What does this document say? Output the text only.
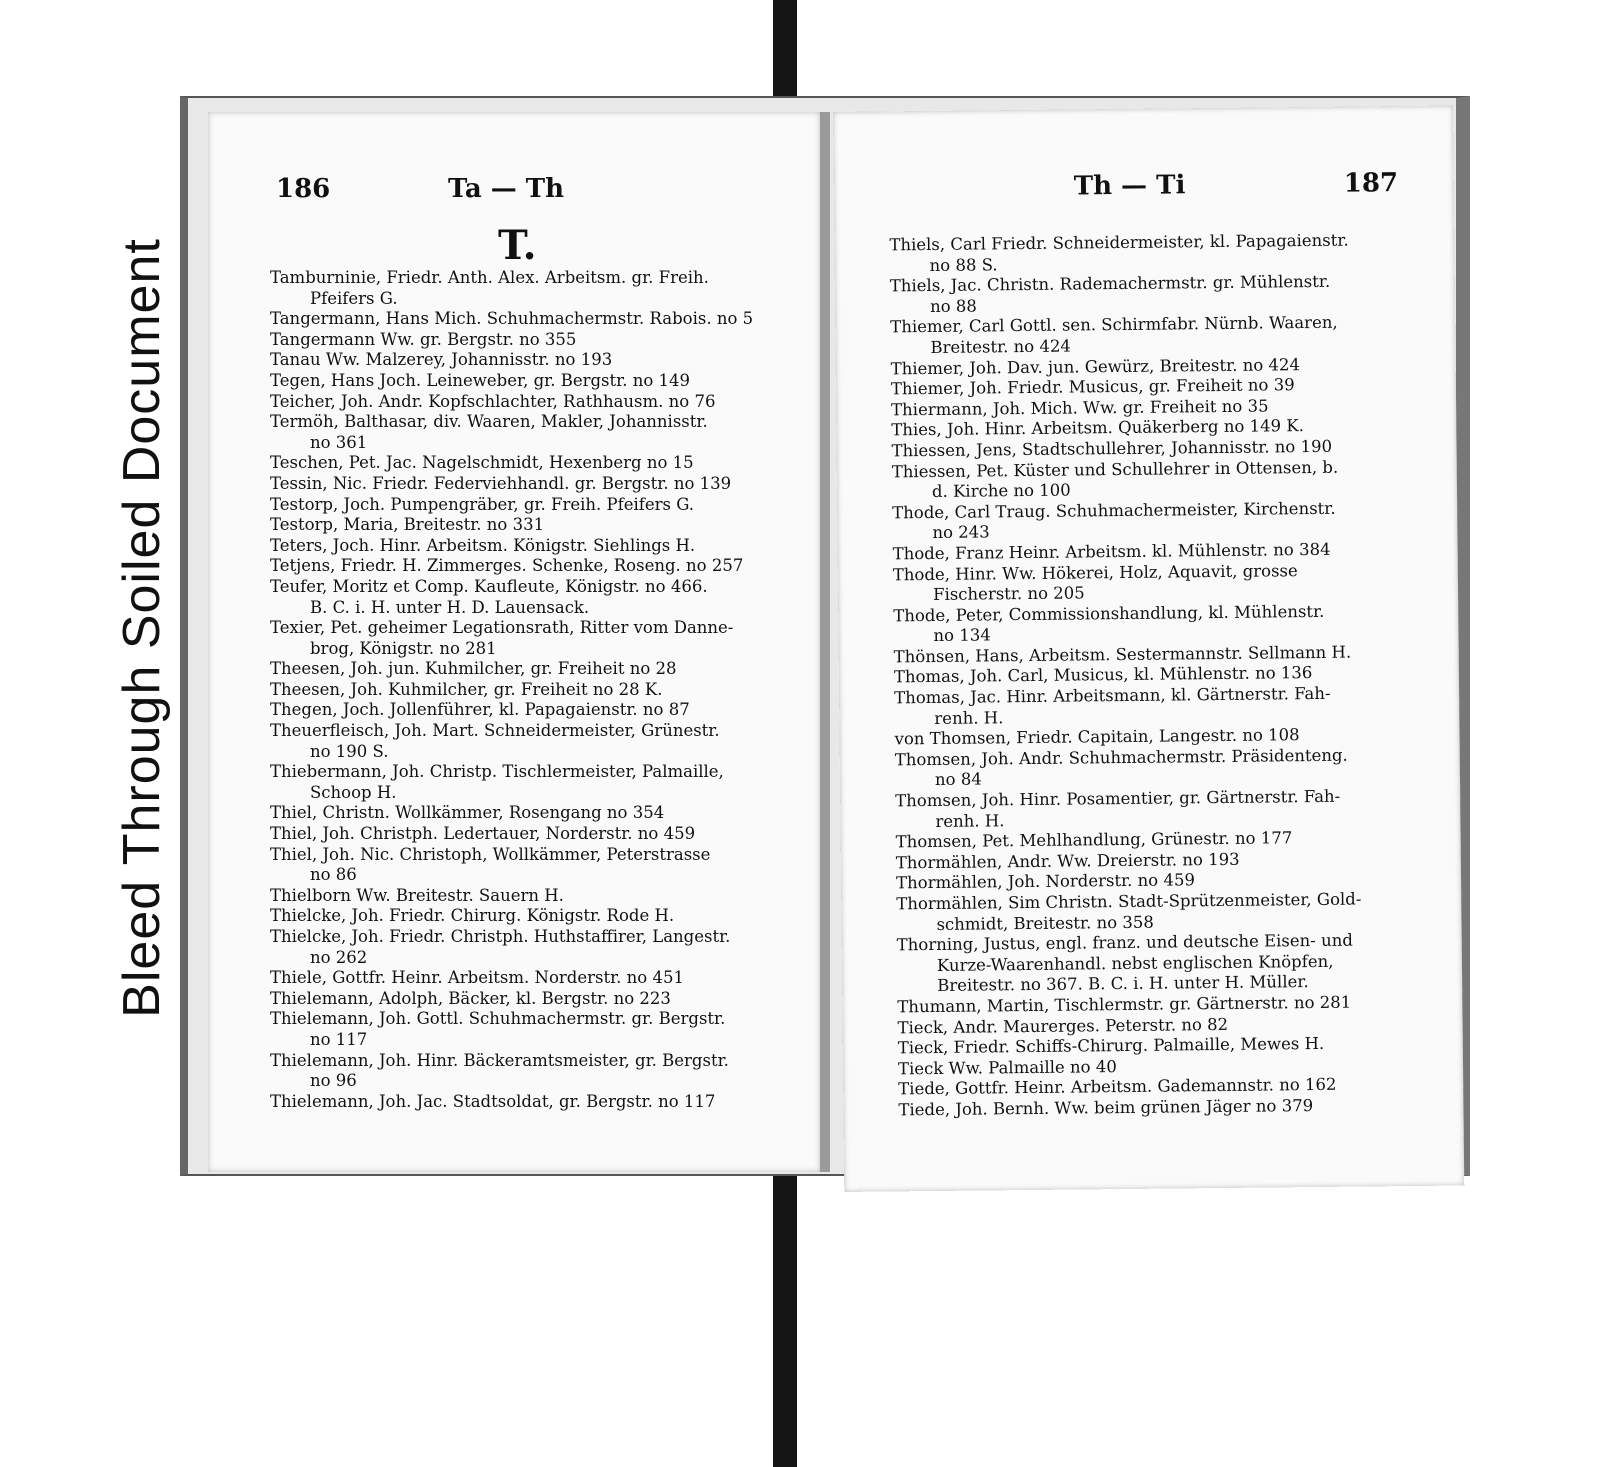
Bleed Through Soiled Document
186	Ta — Th
T.
Tamburninie, Friedr. Anth. Alex. Arbeitsm. gr. Freih.
Pfeifers G.
Tangermann, Hans Mich. Schuhmachermstr. Rabois. no 5
Tangermann Ww. gr. Bergstr. no 355
Tanau Ww. Malzerey, Johannisstr. no 193
Tegen, Hans Joch. Leineweber, gr. Bergstr. no 149
Teicher, Joh. Andr. Kopfschlachter, Rathhausm. no 76
Termöh, Balthasar, div. Waaren, Makler, Johannisstr.
no 361
Teschen, Pet. Jac. Nagelschmidt, Hexenberg no 15
Tessin, Nic. Friedr. Federviehhandl. gr. Bergstr. no 139
Testorp, Joch. Pumpengräber, gr. Freih. Pfeifers G.
Testorp, Maria, Breitestr. no 331
Teters, Joch. Hinr. Arbeitsm. Königstr. Siehlings H.
Tetjens, Friedr. H. Zimmerges. Schenke, Roseng. no 257
Teufer, Moritz et Comp. Kaufleute, Königstr. no 466.
B. C. i. H. unter H. D. Lauensack.
Texier, Pet. geheimer Legationsrath, Ritter vom Danne-
brog, Königstr. no 281
Theesen, Joh. jun. Kuhmilcher, gr. Freiheit no 28
Theesen, Joh. Kuhmilcher, gr. Freiheit no 28 K.
Thegen, Joch. Jollenführer, kl. Papagaienstr. no 87
Theuerfleisch, Joh. Mart. Schneidermeister, Grünestr.
no 190 S.
Thiebermann, Joh. Christp. Tischlermeister, Palmaille,
Schoop H.
Thiel, Christn. Wollkämmer, Rosengang no 354
Thiel, Joh. Christph. Ledertauer, Norderstr. no 459
Thiel, Joh. Nic. Christoph, Wollkämmer, Peterstrasse
no 86
Thielborn Ww. Breitestr. Sauern H.
Thielcke, Joh. Friedr. Chirurg. Königstr. Rode H.
Thielcke, Joh. Friedr. Christph. Huthstaffirer, Langestr.
no 262
Thiele, Gottfr. Heinr. Arbeitsm. Norderstr. no 451
Thielemann, Adolph, Bäcker, kl. Bergstr. no 223
Thielemann, Joh. Gottl. Schuhmachermstr. gr. Bergstr.
no 117
Thielemann, Joh. Hinr. Bäckeramtsmeister, gr. Bergstr.
no 96
Thielemann, Joh. Jac. Stadtsoldat, gr. Bergstr. no 117
Th — Ti	187
Thiels, Carl Friedr. Schneidermeister, kl. Papagaienstr.
no 88 S.
Thiels, Jac. Christn. Rademachermstr. gr. Mühlenstr.
no 88
Thiemer, Carl Gottl. sen. Schirmfabr. Nürnb. Waaren,
Breitestr. no 424
Thiemer, Joh. Dav. jun. Gewürz, Breitestr. no 424
Thiemer, Joh. Friedr. Musicus, gr. Freiheit no 39
Thiermann, Joh. Mich. Ww. gr. Freiheit no 35
Thies, Joh. Hinr. Arbeitsm. Quäkerberg no 149 K.
Thiessen, Jens, Stadtschullehrer, Johannisstr. no 190
Thiessen, Pet. Küster und Schullehrer in Ottensen, b.
d. Kirche no 100
Thode, Carl Traug. Schuhmachermeister, Kirchenstr.
no 243
Thode, Franz Heinr. Arbeitsm. kl. Mühlenstr. no 384
Thode, Hinr. Ww. Hökerei, Holz, Aquavit, grosse
Fischerstr. no 205
Thode, Peter, Commissionshandlung, kl. Mühlenstr.
no 134
Thönsen, Hans, Arbeitsm. Sestermannstr. Sellmann H.
Thomas, Joh. Carl, Musicus, kl. Mühlenstr. no 136
Thomas, Jac. Hinr. Arbeitsmann, kl. Gärtnerstr. Fah-
renh. H.
von Thomsen, Friedr. Capitain, Langestr. no 108
Thomsen, Joh. Andr. Schuhmachermstr. Präsidenteng.
no 84
Thomsen, Joh. Hinr. Posamentier, gr. Gärtnerstr. Fah-
renh. H.
Thomsen, Pet. Mehlhandlung, Grünestr. no 177
Thormählen, Andr. Ww. Dreierstr. no 193
Thormählen, Joh. Norderstr. no 459
Thormählen, Sim Christn. Stadt-Sprützenmeister, Gold-
schmidt, Breitestr. no 358
Thorning, Justus, engl. franz. und deutsche Eisen- und
Kurze-Waarenhandl. nebst englischen Knöpfen,
Breitestr. no 367. B. C. i. H. unter H. Müller.
Thumann, Martin, Tischlermstr. gr. Gärtnerstr. no 281
Tieck, Andr. Maurerges. Peterstr. no 82
Tieck, Friedr. Schiffs-Chirurg. Palmaille, Mewes H.
Tieck Ww. Palmaille no 40
Tiede, Gottfr. Heinr. Arbeitsm. Gademannstr. no 162
Tiede, Joh. Bernh. Ww. beim grünen Jäger no 379
